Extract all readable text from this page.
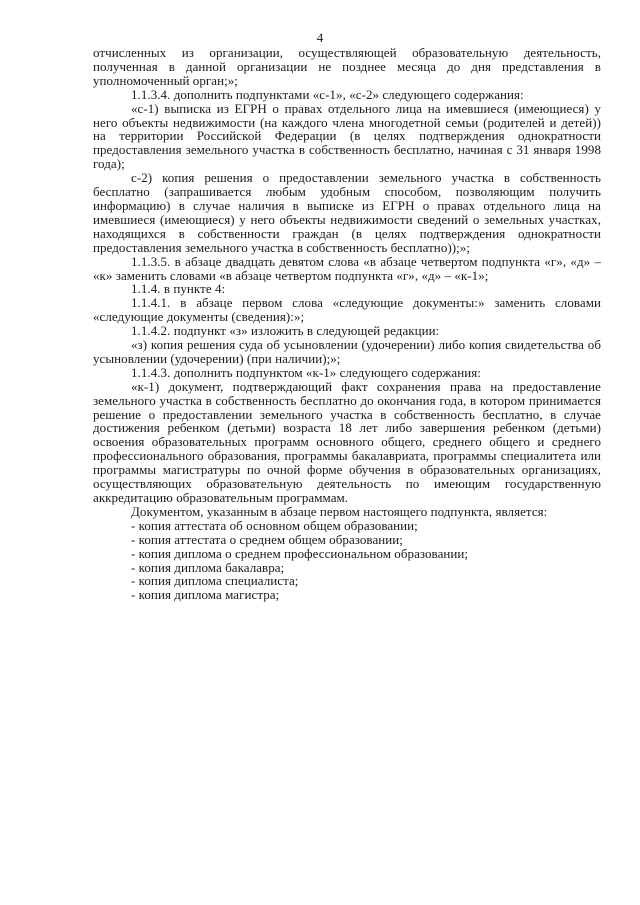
4

отчисленных из организации, осуществляющей образовательную деятельность, полученная в данной организации не позднее месяца до дня представления в уполномоченный орган;»;

1.1.3.4. дополнить подпунктами «с-1», «с-2» следующего содержания:

«с-1) выписка из ЕГРН о правах отдельного лица на имевшиеся (имеющиеся) у него объекты недвижимости (на каждого члена многодетной семьи (родителей и детей)) на территории Российской Федерации (в целях подтверждения однократности предоставления земельного участка в собственность бесплатно, начиная с 31 января 1998 года);

с-2) копия решения о предоставлении земельного участка в собственность бесплатно (запрашивается любым удобным способом, позволяющим получить информацию) в случае наличия в выписке из ЕГРН о правах отдельного лица на имевшиеся (имеющиеся) у него объекты недвижимости сведений о земельных участках, находящихся в собственности граждан (в целях подтверждения однократности предоставления земельного участка в собственность бесплатно));»;

1.1.3.5. в абзаце двадцать девятом слова «в абзаце четвертом подпункта «г», «д» – «к» заменить словами «в абзаце четвертом подпункта «г», «д» – «к-1»;

1.1.4. в пункте 4:

1.1.4.1. в абзаце первом слова «следующие документы:» заменить словами «следующие документы (сведения):»;

1.1.4.2. подпункт «з» изложить в следующей редакции:

«з) копия решения суда об усыновлении (удочерении) либо копия свидетельства об усыновлении (удочерении) (при наличии);»;

1.1.4.3. дополнить подпунктом «к-1» следующего содержания:

«к-1) документ, подтверждающий факт сохранения права на предоставление земельного участка в собственность бесплатно до окончания года, в котором принимается решение о предоставлении земельного участка в собственность бесплатно, в случае достижения ребенком (детьми) возраста 18 лет либо завершения ребенком (детьми) освоения образовательных программ основного общего, среднего общего и среднего профессионального образования, программы бакалавриата, программы специалитета или программы магистратуры по очной форме обучения в образовательных организациях, осуществляющих образовательную деятельность по имеющим государственную аккредитацию образовательным программам.

Документом, указанным в абзаце первом настоящего подпункта, является:

- копия аттестата об основном общем образовании;

- копия аттестата о среднем общем образовании;

- копия диплома о среднем профессиональном образовании;

- копия диплома бакалавра;

- копия диплома специалиста;

- копия диплома магистра;
